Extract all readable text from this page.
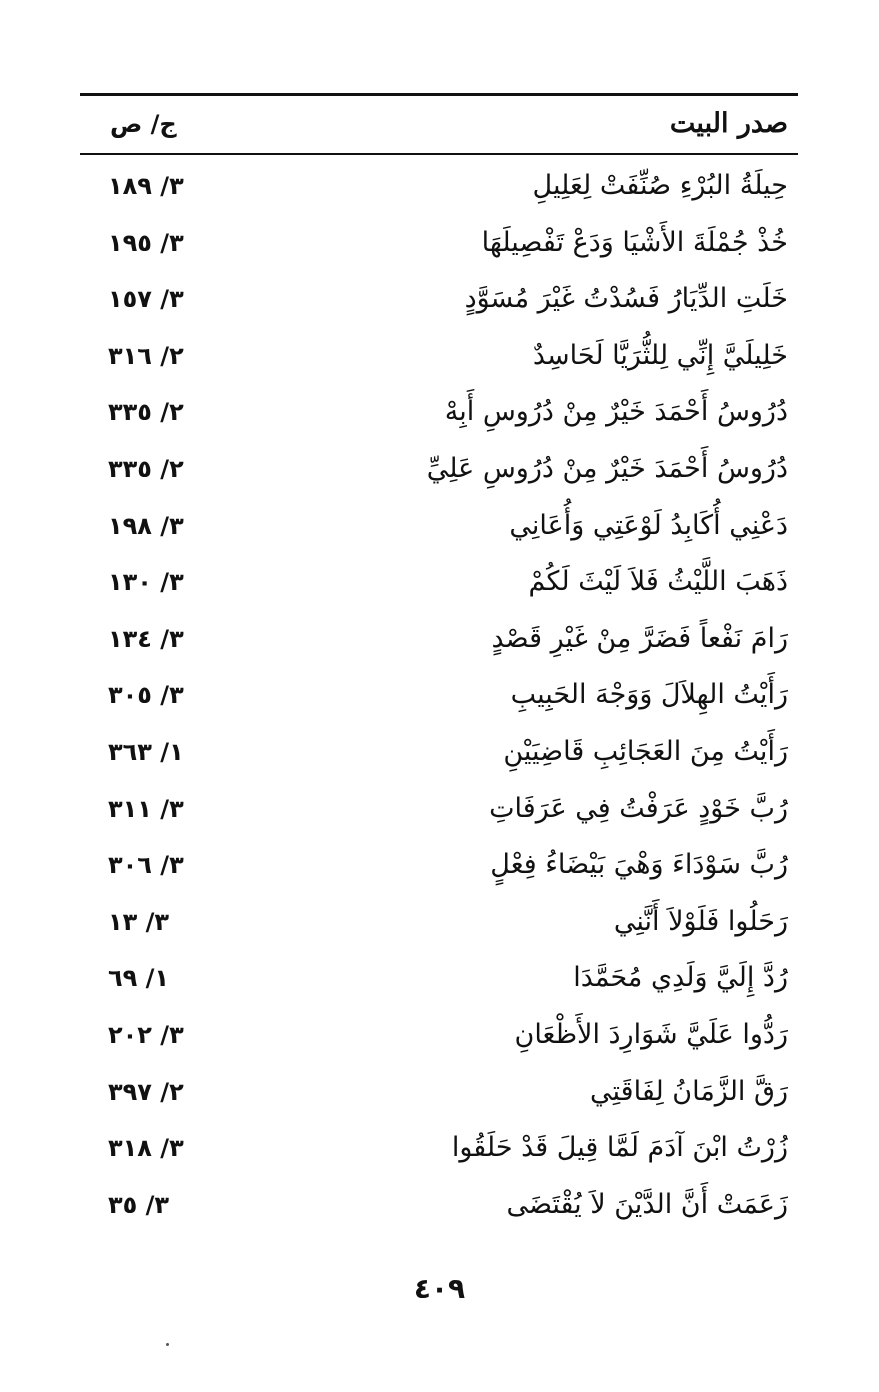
صدر البيت
ج/ ص
حِيلَةُ البُرْءِ صُنِّفَتْ لِعَلِيلِ
٣/ ١٨٩
خُذْ جُمْلَةَ الأَشْيَا وَدَعْ تَفْصِيلَهَا
٣/ ١٩٥
خَلَتِ الدِّيَارُ فَسُدْتُ غَيْرَ مُسَوَّدٍ
٣/ ١٥٧
خَلِيلَيَّ إِنِّي لِلثُّرَيَّا لَحَاسِدٌ
٢/ ٣١٦
دُرُوسُ أَحْمَدَ خَيْرٌ مِنْ دُرُوسِ أَبِهْ
٢/ ٣٣٥
دُرُوسُ أَحْمَدَ خَيْرٌ مِنْ دُرُوسِ عَلِيِّ
٢/ ٣٣٥
دَعْنِي أُكَابِدُ لَوْعَتِي وَأُعَانِي
٣/ ١٩٨
ذَهَبَ اللَّيْثُ فَلاَ لَيْثَ لَكُمْ
٣/ ١٣٠
رَامَ نَفْعاً فَضَرَّ مِنْ غَيْرِ قَصْدٍ
٣/ ١٣٤
رَأَيْتُ الهِلاَلَ وَوَجْهَ الحَبِيبِ
٣/ ٣٠٥
رَأَيْتُ مِنَ العَجَائِبِ قَاضِيَيْنِ
١/ ٣٦٣
رُبَّ خَوْدٍ عَرَفْتُ فِي عَرَفَاتِ
٣/ ٣١١
رُبَّ سَوْدَاءَ وَهْيَ بَيْضَاءُ فِعْلٍ
٣/ ٣٠٦
رَحَلُوا فَلَوْلاَ أَنَّنِي
٣/ ١٣
رُدَّ إِلَيَّ وَلَدِي مُحَمَّدَا
١/ ٦٩
رَدُّوا عَلَيَّ شَوَارِدَ الأَظْعَانِ
٣/ ٢٠٢
رَقَّ الزَّمَانُ لِفَاقَتِي
٢/ ٣٩٧
زُرْتُ ابْنَ آدَمَ لَمَّا قِيلَ قَدْ حَلَقُوا
٣/ ٣١٨
زَعَمَتْ أَنَّ الدَّيْنَ لاَ يُقْتَضَى
٣/ ٣٥
٤٠٩
